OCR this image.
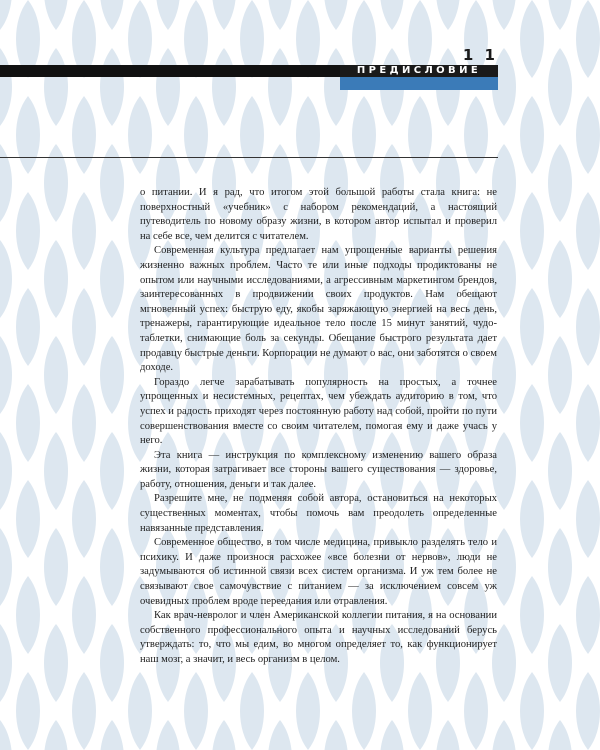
1 1
ПРЕДИСЛОВИЕ

о питании. И я рад, что итогом этой большой работы стала книга: не поверхностный «учебник» с набором рекомендаций, а настоящий путеводитель по новому образу жизни, в котором автор испытал и проверил на себе все, чем делится с читателем.

Современная культура предлагает нам упрощенные варианты решения жизненно важных проблем. Часто те или иные подходы продиктованы не опытом или научными исследованиями, а агрессивным маркетингом брендов, заинтересованных в продвижении своих продуктов. Нам обещают мгновенный успех: быструю еду, якобы заряжающую энергией на весь день, тренажеры, гарантирующие идеальное тело после 15 минут занятий, чудо-таблетки, снимающие боль за секунды. Обещание быстрого результата дает продавцу быстрые деньги. Корпорации не думают о вас, они заботятся о своем доходе.

Гораздо легче зарабатывать популярность на простых, а точнее упрощенных и несистемных, рецептах, чем убеждать аудиторию в том, что успех и радость приходят через постоянную работу над собой, пройти по пути совершенствования вместе со своим читателем, помогая ему и даже учась у него.

Эта книга — инструкция по комплексному изменению вашего образа жизни, которая затрагивает все стороны вашего существования — здоровье, работу, отношения, деньги и так далее.

Разрешите мне, не подменяя собой автора, остановиться на некоторых существенных моментах, чтобы помочь вам преодолеть определенные навязанные представления.

Современное общество, в том числе медицина, привыкло разделять тело и психику. И даже произнося расхожее «все болезни от нервов», люди не задумываются об истинной связи всех систем организма. И уж тем более не связывают свое самочувствие с питанием — за исключением совсем уж очевидных проблем вроде переедания или отравления.

Как врач-невролог и член Американской коллегии питания, я на основании собственного профессионального опыта и научных исследований берусь утверждать: то, что мы едим, во многом определяет то, как функционирует наш мозг, а значит, и весь организм в целом.
